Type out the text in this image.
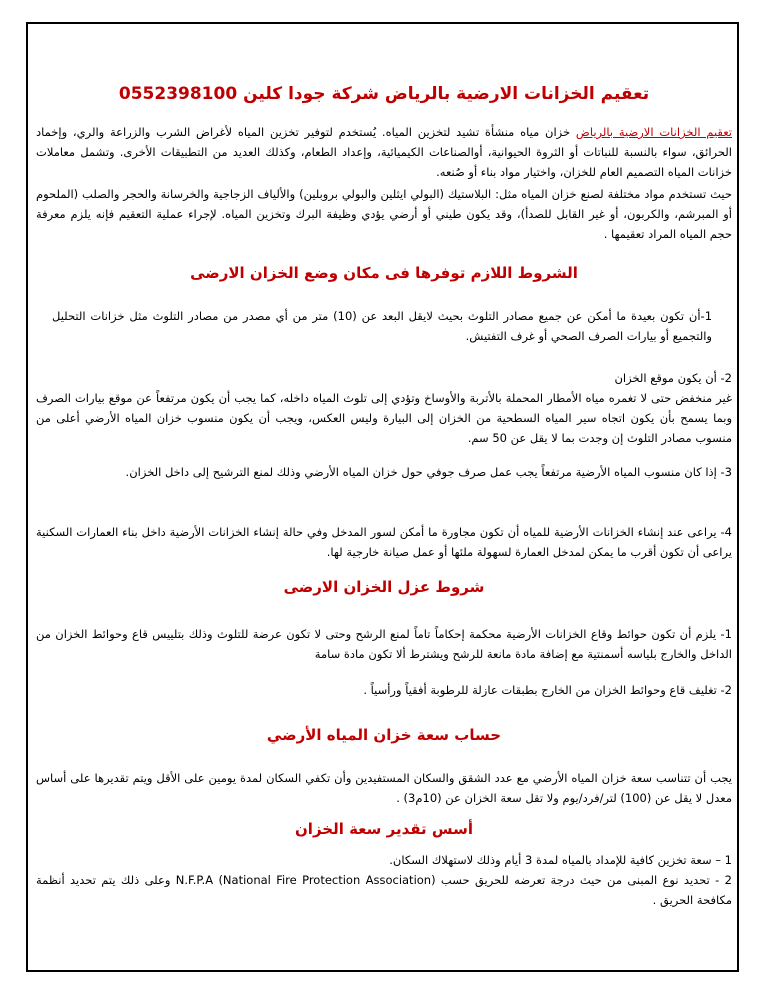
تعقيم الخزانات الارضية بالرياض شركة جودا كلين 0552398100

تعقيم الخزانات الارضية بالرياض خزان مياه منشأة تشيد لتخزين المياه. يُستخدم لتوفير تخزين المياه لأغراض الشرب والزراعة والري، وإخماد الحرائق، سواء بالنسبة للنباتات أو الثروة الحيوانية، أوالصناعات الكيميائية، وإعداد الطعام، وكذلك العديد من التطبيقات الأخرى. وتشمل معاملات خزانات المياه التصميم العام للخزان، واختيار مواد بناء أو صُنعه.

حيث تستخدم مواد مختلفة لصنع خزان المياه مثل: البلاستيك (البولي ايثلين والبولي بروبلين) والألياف الزجاجية والخرسانة والحجر والصلب (الملحوم أو المبرشم، والكربون، أو غير القابل للصدأ)، وقد يكون طيني أو أرضي يؤدي وظيفة البرك وتخزين المياه. لإجراء عملية التعقيم فإنه يلزم معرفة حجم المياه المراد تعقيمها .

الشروط اللازم توفرها فى مكان وضع الخزان الارضى

1-أن تكون بعيدة ما أمكن عن جميع مصادر التلوث بحيث لايقل البعد عن (10) متر من أي مصدر من مصادر التلوث مثل خزانات التحليل والتجميع أو بيارات الصرف الصحي أو غرف التفتيش.

2- أن يكون موقع الخزان

غير منخفض حتى لا تغمره مياه الأمطار المحملة بالأتربة والأوساخ وتؤدي إلى تلوث المياه داخله، كما يجب أن يكون مرتفعاً عن موقع بيارات الصرف وبما يسمح بأن يكون اتجاه سير المياه السطحية من الخزان إلى البيارة وليس العكس، ويجب أن يكون منسوب خزان المياه الأرضي أعلى من منسوب مصادر التلوث إن وجدت بما لا يقل عن 50 سم.

3- إذا كان منسوب المياه الأرضية مرتفعاً يجب عمل صرف جوفي حول خزان المياه الأرضي وذلك لمنع الترشيح إلى داخل الخزان.

4- يراعى عند إنشاء الخزانات الأرضية للمياه أن تكون مجاورة ما أمكن لسور المدخل وفي حالة إنشاء الخزانات الأرضية داخل بناء العمارات السكنية يراعى أن تكون أقرب ما يمكن لمدخل العمارة لسهولة ملئها أو عمل صيانة خارجية لها.

شروط عزل الخزان الارضى

1- يلزم أن تكون حوائط وقاع الخزانات الأرضية محكمة إحكاماً تاماً لمنع الرشح وحتى لا تكون عرضة للتلوث وذلك بتلييس قاع وحوائط الخزان من الداخل والخارج بلياسه أسمنتية مع إضافة مادة مانعة للرشح ويشترط ألا تكون مادة سامة

2- تغليف قاع وحوائط الخزان من الخارج بطبقات عازلة للرطوبة أفقياً ورأسياً .

حساب سعة خزان المياه الأرضي

يجب أن تتناسب سعة خزان المياه الأرضي مع عدد الشقق والسكان المستفيدين وأن تكفي السكان لمدة يومين على الأقل ويتم تقديرها على أساس معدل لا يقل عن (100) لتر/فرد/يوم ولا تقل سعة الخزان عن (10م3) .

أسس تقدير سعة الخزان

1 – سعة تخزين كافية للإمداد بالمياه لمدة 3 أيام وذلك لاستهلاك السكان.

2 - تحديد نوع المبنى من حيث درجة تعرضه للحريق حسب N.F.P.A (National Fire Protection Association) وعلى ذلك يتم تحديد أنظمة مكافحة الحريق .
